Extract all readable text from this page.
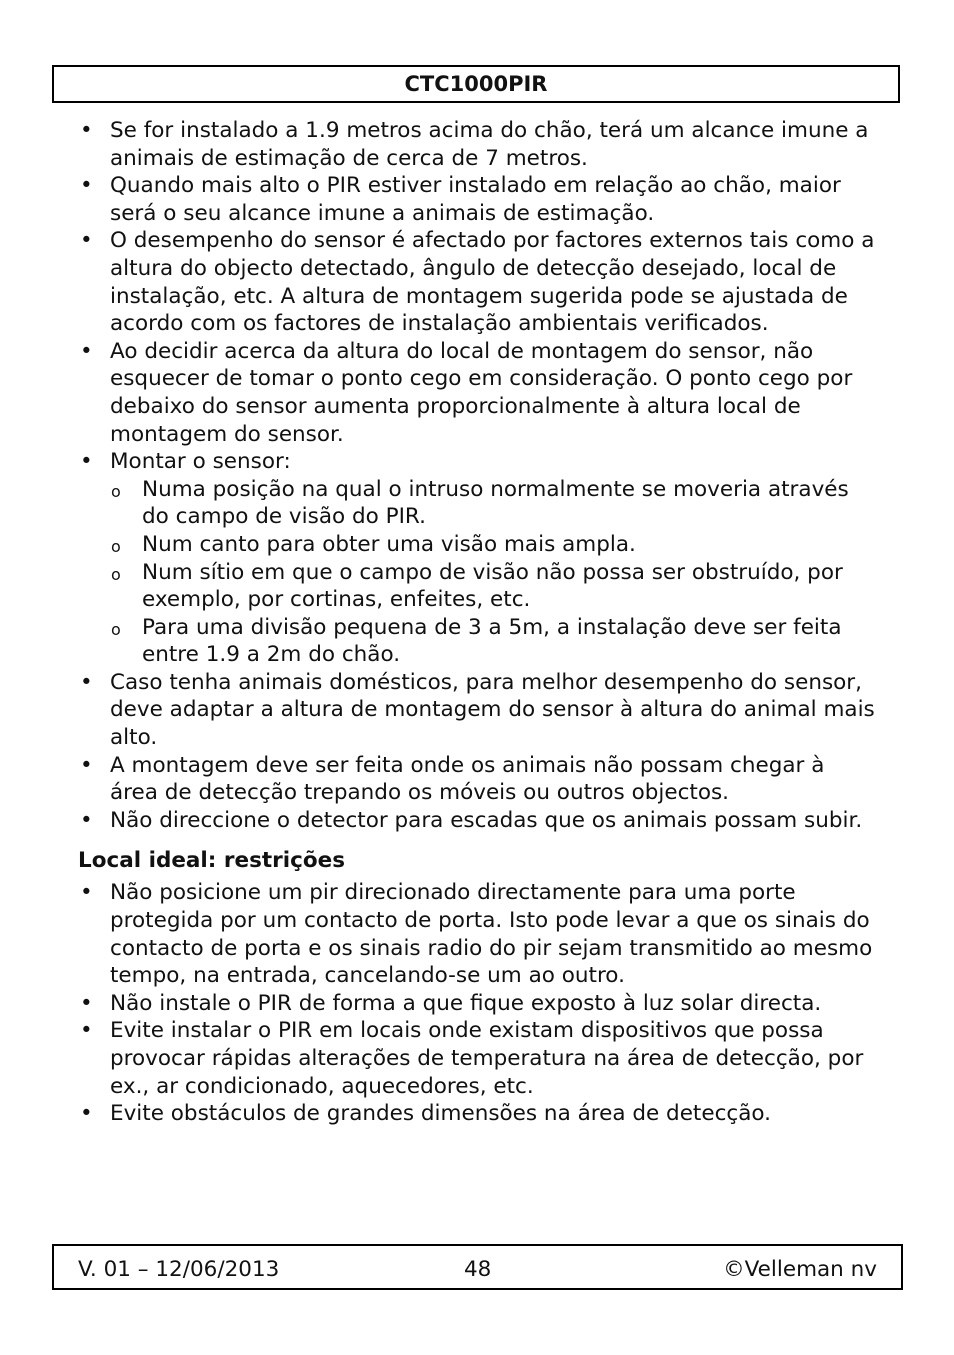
CTC1000PIR
• Se for instalado a 1.9 metros acima do chão, terá um alcance imune a animais de estimação de cerca de 7 metros.
• Quando mais alto o PIR estiver instalado em relação ao chão, maior será o seu alcance imune a animais de estimação.
• O desempenho do sensor é afectado por factores externos tais como a altura do objecto detectado, ângulo de detecção desejado, local de instalação, etc. A altura de montagem sugerida pode se ajustada de acordo com os factores de instalação ambientais verificados.
• Ao decidir acerca da altura do local de montagem do sensor, não esquecer de tomar o ponto cego em consideração. O ponto cego por debaixo do sensor aumenta proporcionalmente à altura local de montagem do sensor.
• Montar o sensor:
o Numa posição na qual o intruso normalmente se moveria através do campo de visão do PIR.
o Num canto para obter uma visão mais ampla.
o Num sítio em que o campo de visão não possa ser obstruído, por exemplo, por cortinas, enfeites, etc.
o Para uma divisão pequena de 3 a 5m, a instalação deve ser feita entre 1.9 a 2m do chão.
• Caso tenha animais domésticos, para melhor desempenho do sensor, deve adaptar a altura de montagem do sensor à altura do animal mais alto.
• A montagem deve ser feita onde os animais não possam chegar à área de detecção trepando os móveis ou outros objectos.
• Não direccione o detector para escadas que os animais possam subir.
Local ideal: restrições
• Não posicione um pir direcionado directamente para uma porte protegida por um contacto de porta. Isto pode levar a que os sinais do contacto de porta e os sinais radio do pir sejam transmitido ao mesmo tempo, na entrada, cancelando-se um ao outro.
• Não instale o PIR de forma a que fique exposto à luz solar directa.
• Evite instalar o PIR em locais onde existam dispositivos que possa provocar rápidas alterações de temperatura na área de detecção, por ex., ar condicionado, aquecedores, etc.
• Evite obstáculos de grandes dimensões na área de detecção.
V. 01 – 12/06/2013	48	©Velleman nv
